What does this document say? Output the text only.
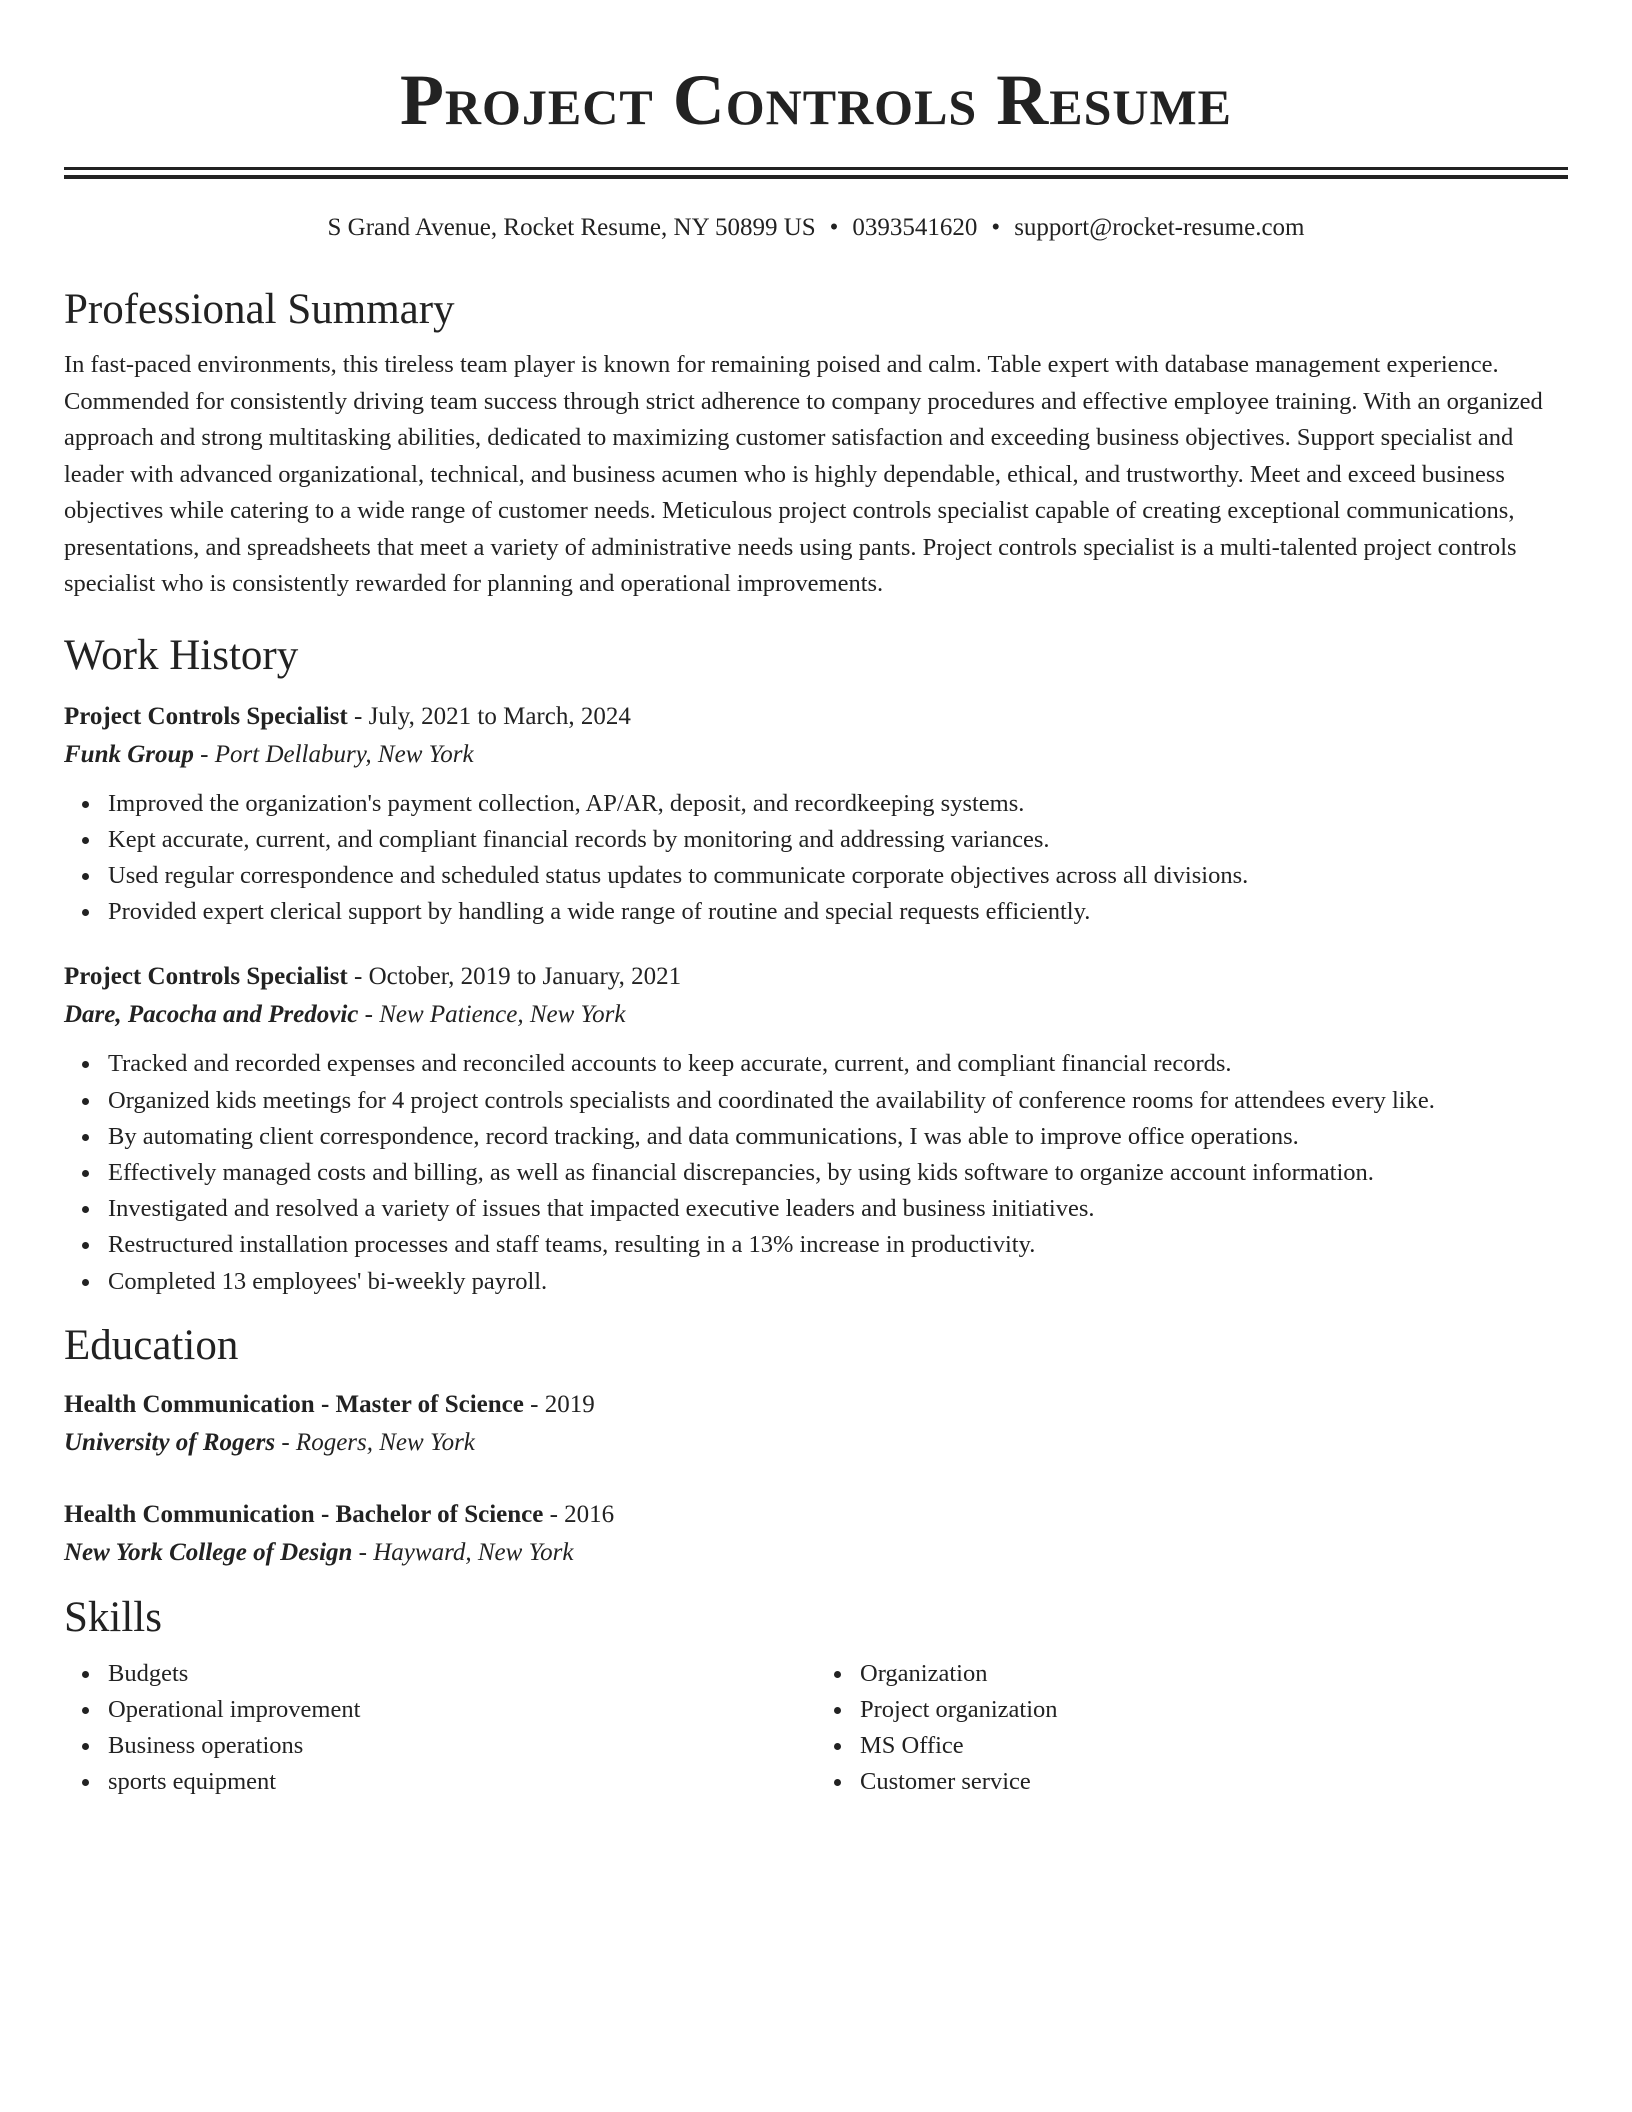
Project Controls Resume
S Grand Avenue, Rocket Resume, NY 50899 US • 0393541620 • support@rocket-resume.com
Professional Summary

In fast-paced environments, this tireless team player is known for remaining poised and calm. Table expert with database management experience. Commended for consistently driving team success through strict adherence to company procedures and effective employee training. With an organized approach and strong multitasking abilities, dedicated to maximizing customer satisfaction and exceeding business objectives. Support specialist and leader with advanced organizational, technical, and business acumen who is highly dependable, ethical, and trustworthy. Meet and exceed business objectives while catering to a wide range of customer needs. Meticulous project controls specialist capable of creating exceptional communications, presentations, and spreadsheets that meet a variety of administrative needs using pants. Project controls specialist is a multi-talented project controls specialist who is consistently rewarded for planning and operational improvements.

Work History
Project Controls Specialist - July, 2021 to March, 2024
Funk Group - Port Dellabury, New York
Improved the organization's payment collection, AP/AR, deposit, and recordkeeping systems.
Kept accurate, current, and compliant financial records by monitoring and addressing variances.
Used regular correspondence and scheduled status updates to communicate corporate objectives across all divisions.
Provided expert clerical support by handling a wide range of routine and special requests efficiently.
Project Controls Specialist - October, 2019 to January, 2021
Dare, Pacocha and Predovic - New Patience, New York
Tracked and recorded expenses and reconciled accounts to keep accurate, current, and compliant financial records.
Organized kids meetings for 4 project controls specialists and coordinated the availability of conference rooms for attendees every like.
By automating client correspondence, record tracking, and data communications, I was able to improve office operations.
Effectively managed costs and billing, as well as financial discrepancies, by using kids software to organize account information.
Investigated and resolved a variety of issues that impacted executive leaders and business initiatives.
Restructured installation processes and staff teams, resulting in a 13% increase in productivity.
Completed 13 employees' bi-weekly payroll.
Education
Health Communication - Master of Science - 2019
University of Rogers - Rogers, New York
Health Communication - Bachelor of Science - 2016
New York College of Design - Hayward, New York
Skills
Budgets
Operational improvement
Business operations
sports equipment
Organization
Project organization
MS Office
Customer service
